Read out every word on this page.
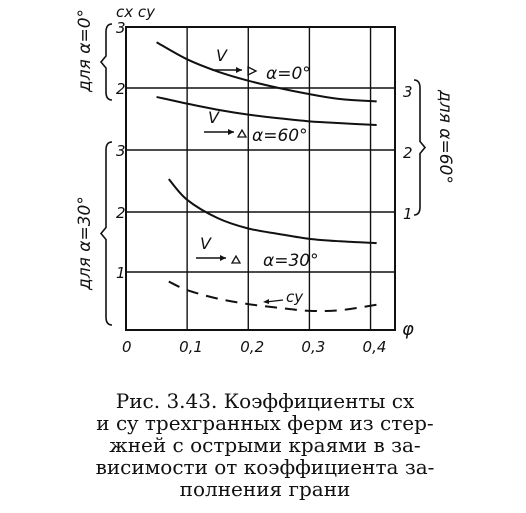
3
2
3
2
1
3
2
1
0	0,1 0,2 0,3 0,4
cx cy
φ
для α=0°
для α=30°
для α=60°
V
α=0°
V
α=60°
V
α=30°
cy
Рис. 3.43. Коэффициенты cx
и cy трехгранных ферм из стер-
жней с острыми краями в за-
висимости от коэффициента за-
полнения грани
